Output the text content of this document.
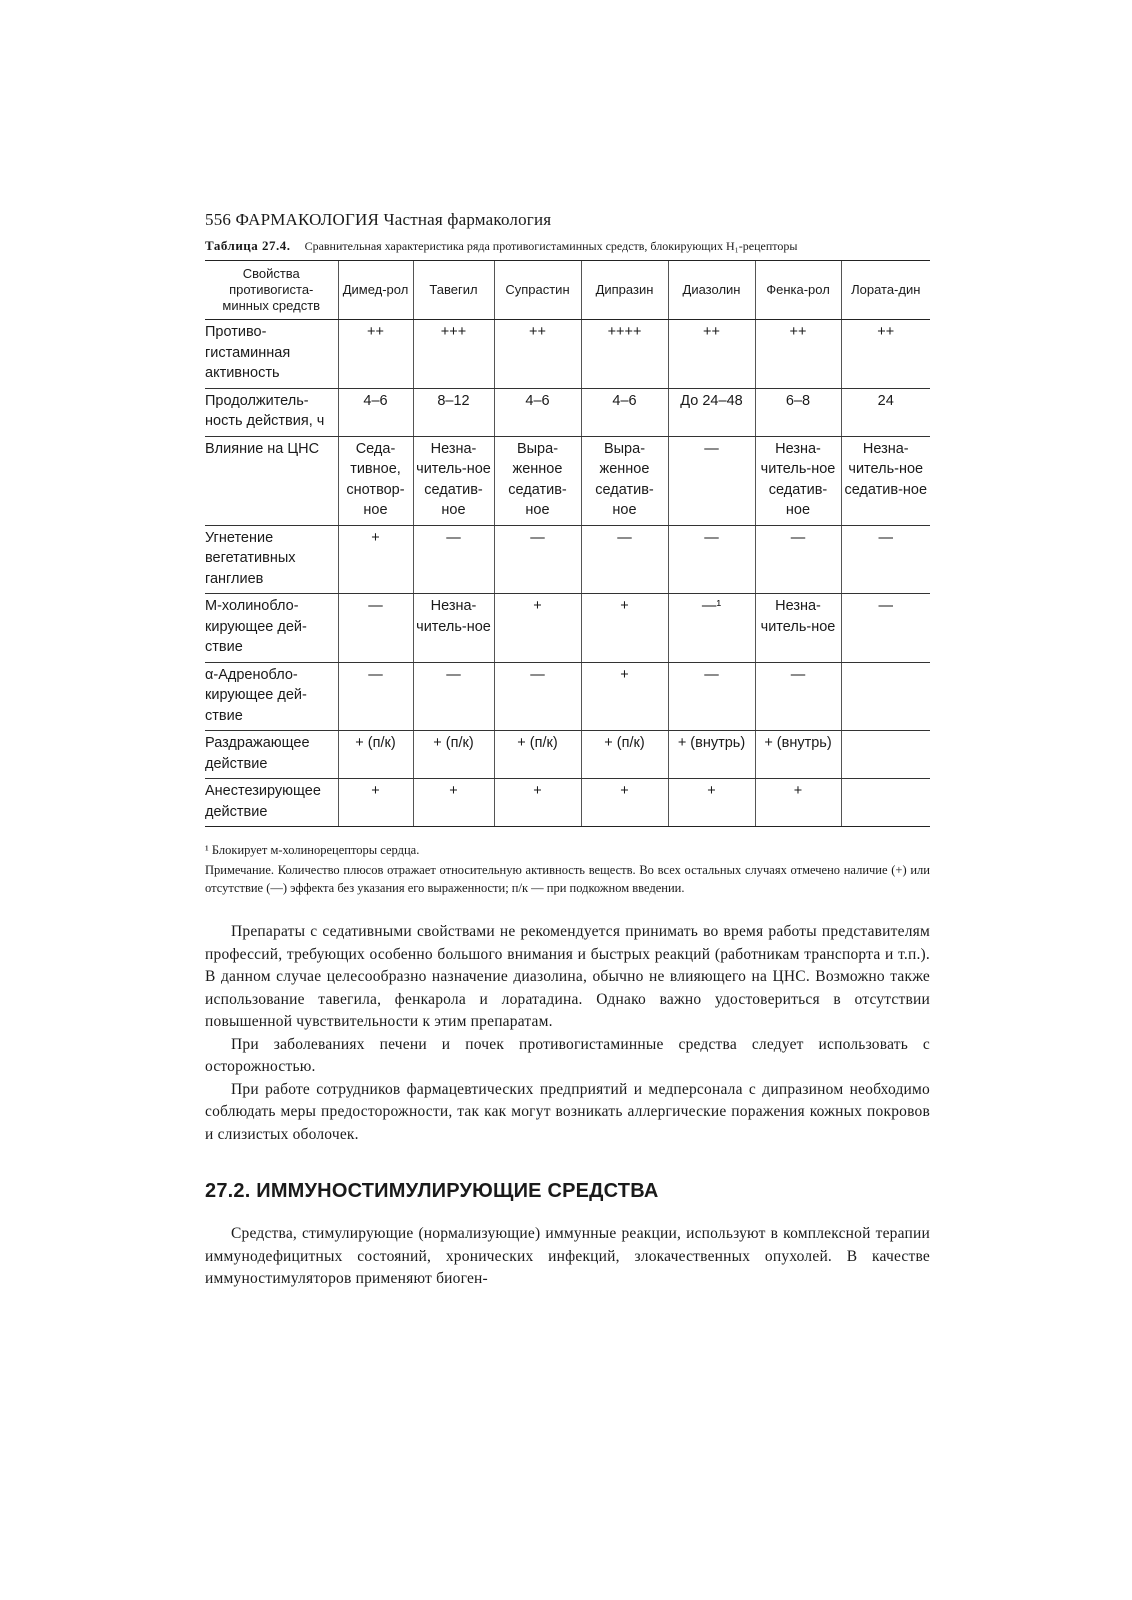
556 ФАРМАКОЛОГИЯ Частная фармакология
Таблица 27.4. Сравнительная характеристика ряда противогистаминных средств, блокирующих H₁-рецепторы
Свойства противогиста-минных средств	Димед-рол	Тавегил	Супрастин	Дипразин	Диазолин	Фенка-рол	Лората-дин
Противо-гистаминная активность	++	+++	++	++++	++	++	++
Продолжитель-ность действия, ч	4–6	8–12	4–6	4–6	До 24–48	6–8	24
Влияние на ЦНС	Седа-тивное, снотвор-ное	Незна-читель-ное седатив-ное	Выра-женное седатив-ное	Выра-женное седатив-ное	—	Незна-читель-ное седатив-ное	Незна-читель-ное седатив-ное
Угнетение вегетативных ганглиев	+	—	—	—	—	—	—
М-холинобло-кирующее дей-ствие	—	Незна-читель-ное	+	+	—¹	Незна-читель-ное	—
α-Адренобло-кирующее дей-ствие	—	—	—	+	—	—	
Раздражающее действие	+ (п/к)	+ (п/к)	+ (п/к)	+ (п/к)	+ (внутрь)	+ (внутрь)	
Анестезирующее действие	+	+	+	+	+	+	
¹ Блокирует м-холинорецепторы сердца.
Примечание. Количество плюсов отражает относительную активность веществ. Во всех остальных случаях отмечено наличие (+) или отсутствие (—) эффекта без указания его выраженности; п/к — при подкожном введении.

Препараты с седативными свойствами не рекомендуется принимать во время работы представителям профессий, требующих особенно большого внимания и быстрых реакций (работникам транспорта и т.п.). В данном случае целесообразно назначение диазолина, обычно не влияющего на ЦНС. Возможно также использование тавегила, фенкарола и лоратадина. Однако важно удостовериться в отсутствии повышенной чувствительности к этим препаратам.

При заболеваниях печени и почек противогистаминные средства следует использовать с осторожностью.

При работе сотрудников фармацевтических предприятий и медперсонала с дипразином необходимо соблюдать меры предосторожности, так как могут возникать аллергические поражения кожных покровов и слизистых оболочек.

27.2. ИММУНОСТИМУЛИРУЮЩИЕ СРЕДСТВА

Средства, стимулирующие (нормализующие) иммунные реакции, используют в комплексной терапии иммунодефицитных состояний, хронических инфекций, злокачественных опухолей. В качестве иммуностимуляторов применяют биоген-
